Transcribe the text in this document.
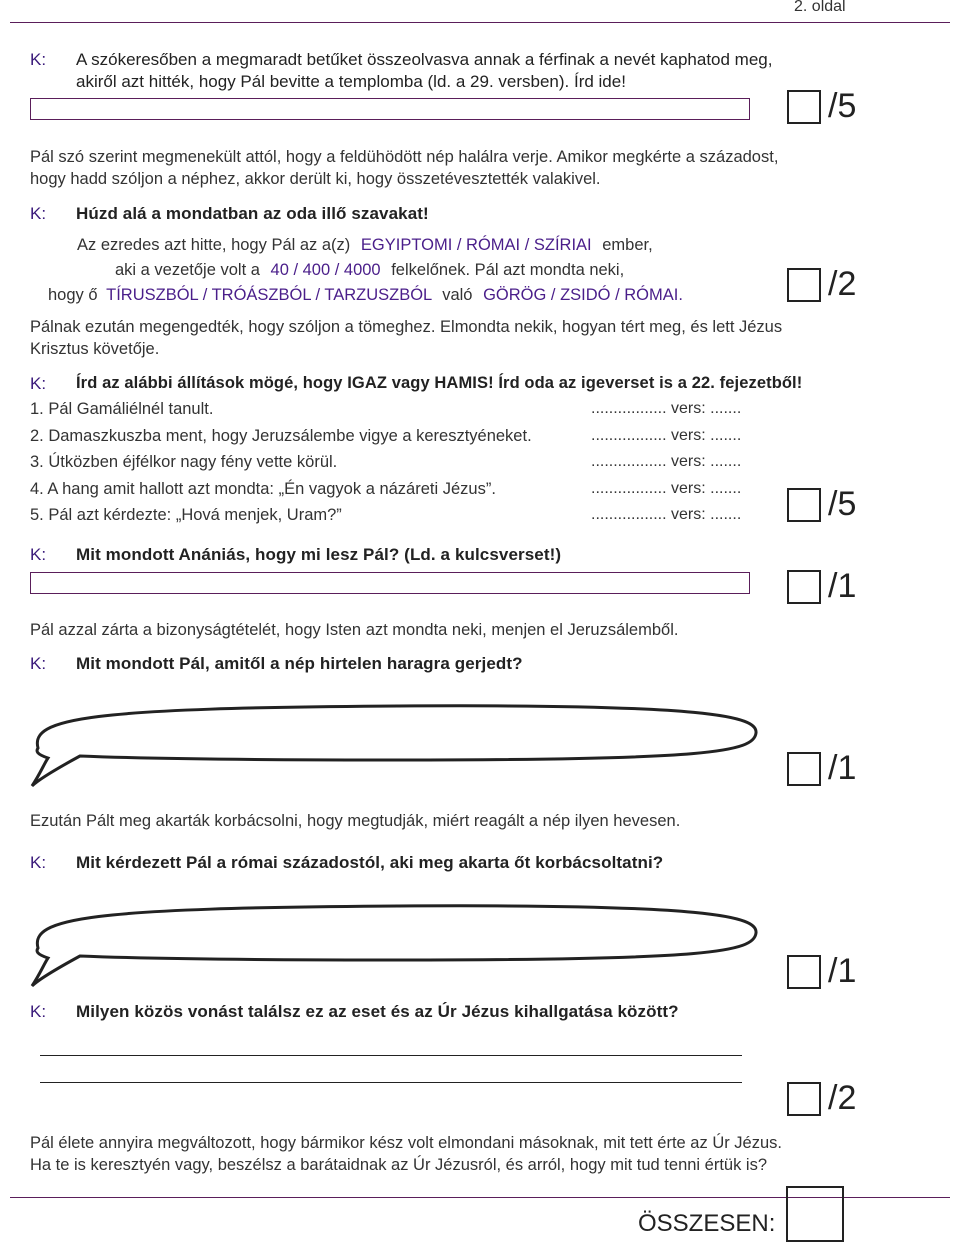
2. oldal
K: A szókeresőben a megmaradt betűket összeolvasva annak a férfinak a nevét kaphatod meg,
akiről azt hitték, hogy Pál bevitte a templomba (ld. a 29. versben). Írd ide!
/5
Pál szó szerint megmenekült attól, hogy a feldühödött nép halálra verje. Amikor megkérte a századost,
hogy hadd szóljon a néphez, akkor derült ki, hogy összetévesztették valakivel.
K: Húzd alá a mondatban az oda illő szavakat!
Az ezredes azt hitte, hogy Pál az a(z) EGYIPTOMI / RÓMAI / SZÍRIAI ember,
aki a vezetője volt a 40 / 400 / 4000 felkelőnek. Pál azt mondta neki,
hogy ő TÍRUSZBÓL / TRÓÁSZBÓL / TARZUSZBÓL való GÖRÖG / ZSIDÓ / RÓMAI.	/2
Pálnak ezután megengedték, hogy szóljon a tömeghez. Elmondta nekik, hogyan tért meg, és lett Jézus
Krisztus követője.
K: Írd az alábbi állítások mögé, hogy IGAZ vagy HAMIS! Írd oda az igeverset is a 22. fejezetből!
1. Pál Gamáliélnél tanult.
2. Damaszkuszba ment, hogy Jeruzsálembe vigye a keresztyéneket.
3. Útközben éjfélkor nagy fény vette körül.
4. A hang amit hallott azt mondta: „Én vagyok a názáreti Jézus”.
5. Pál azt kérdezte: „Hová menjek, Uram?”
................. vers: .......
................. vers: .......
................. vers: .......
................. vers: .......
................. vers: .......	/5
K: Mit mondott Anániás, hogy mi lesz Pál? (Ld. a kulcsverset!)
/1
Pál azzal zárta a bizonyságtételét, hogy Isten azt mondta neki, menjen el Jeruzsálemből.
K: Mit mondott Pál, amitől a nép hirtelen haragra gerjedt?
/1
Ezután Pált meg akarták korbácsolni, hogy megtudják, miért reagált a nép ilyen hevesen.
K: Mit kérdezett Pál a római századostól, aki meg akarta őt korbácsoltatni?
/1
K: Milyen közös vonást találsz ez az eset és az Úr Jézus kihallgatása között?
/2
Pál élete annyira megváltozott, hogy bármikor kész volt elmondani másoknak, mit tett érte az Úr Jézus.
Ha te is keresztyén vagy, beszélsz a barátaidnak az Úr Jézusról, és arról, hogy mit tud tenni értük is?
ÖSSZESEN:
